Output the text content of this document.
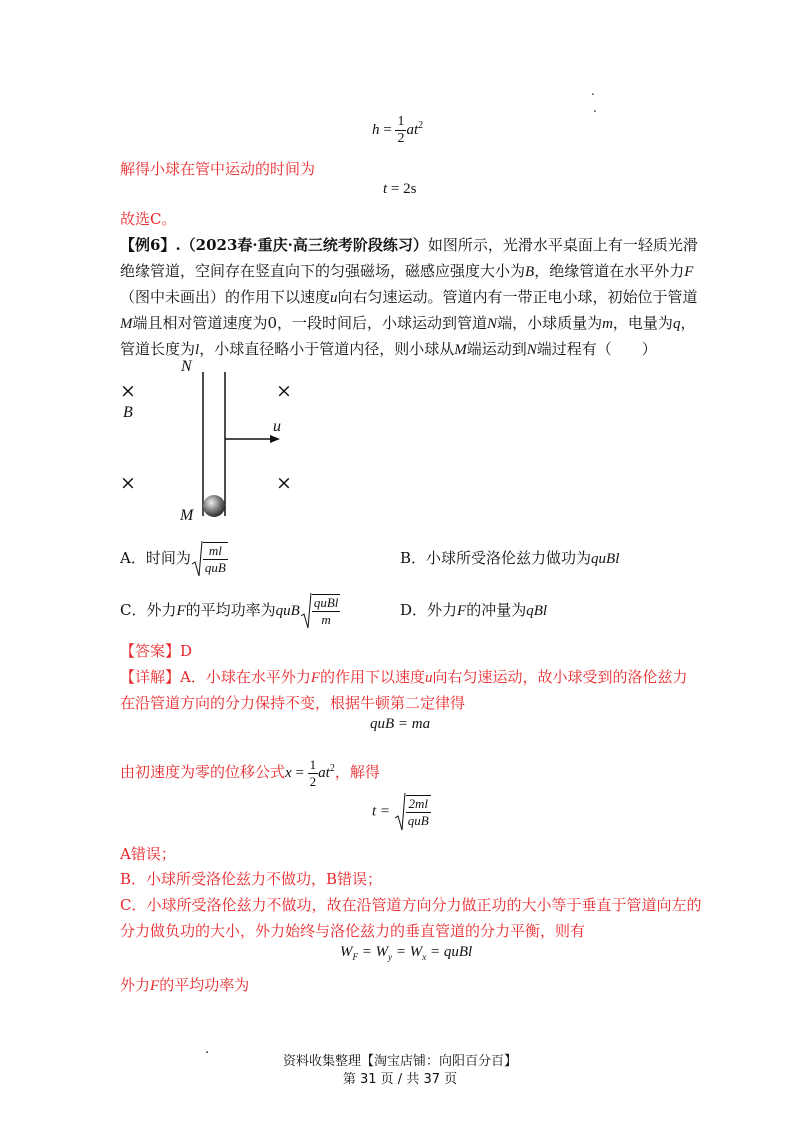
.
.
$h = \frac{1}{2} at^2$
解得小球在管中运动的时间为
t = 2s
故选C。
【例6】.（2023春·重庆·高三统考阶段练习）如图所示，光滑水平桌面上有一轻质光滑
绝缘管道，空间存在竖直向下的匀强磁场，磁感应强度大小为B，绝缘管道在水平外力F
（图中未画出）的作用下以速度u向右匀速运动。管道内有一带正电小球，初始位于管道
M端且相对管道速度为0，一段时间后，小球运动到管道N端，小球质量为m，电量为q，
管道长度为l，小球直径略小于管道内径，则小球从M端运动到N端过程有（　　）
N
B
u
M
×	×
×	×
A．时间为 $\frac{ml}{\text{quB}}$	B．小球所受洛伦兹力做功为quBl
C．外力F的平均功率为quB $\frac{\text{quBl}}{m}$	D．外力F的冲量为qBl
【答案】D
【详解】A．小球在水平外力F的作用下以速度u向右匀速运动，故小球受到的洛伦兹力
在沿管道方向的分力保持不变，根据牛顿第二定律得
quB = ma
由初速度为零的位移公式$x = \frac{1}{2} at^2$，解得
$t = \frac{2ml}{\text{quB}}$
A错误；
B．小球所受洛伦兹力不做功，B错误；
C．小球所受洛伦兹力不做功，故在沿管道方向分力做正功的大小等于垂直于管道向左的
分力做负功的大小，外力始终与洛伦兹力的垂直管道的分力平衡，则有
$W_F = W_y = W_x$ = quBl
外力F的平均功率为
.
资料收集整理【淘宝店铺：向阳百分百】
第 31 页 / 共 37 页
